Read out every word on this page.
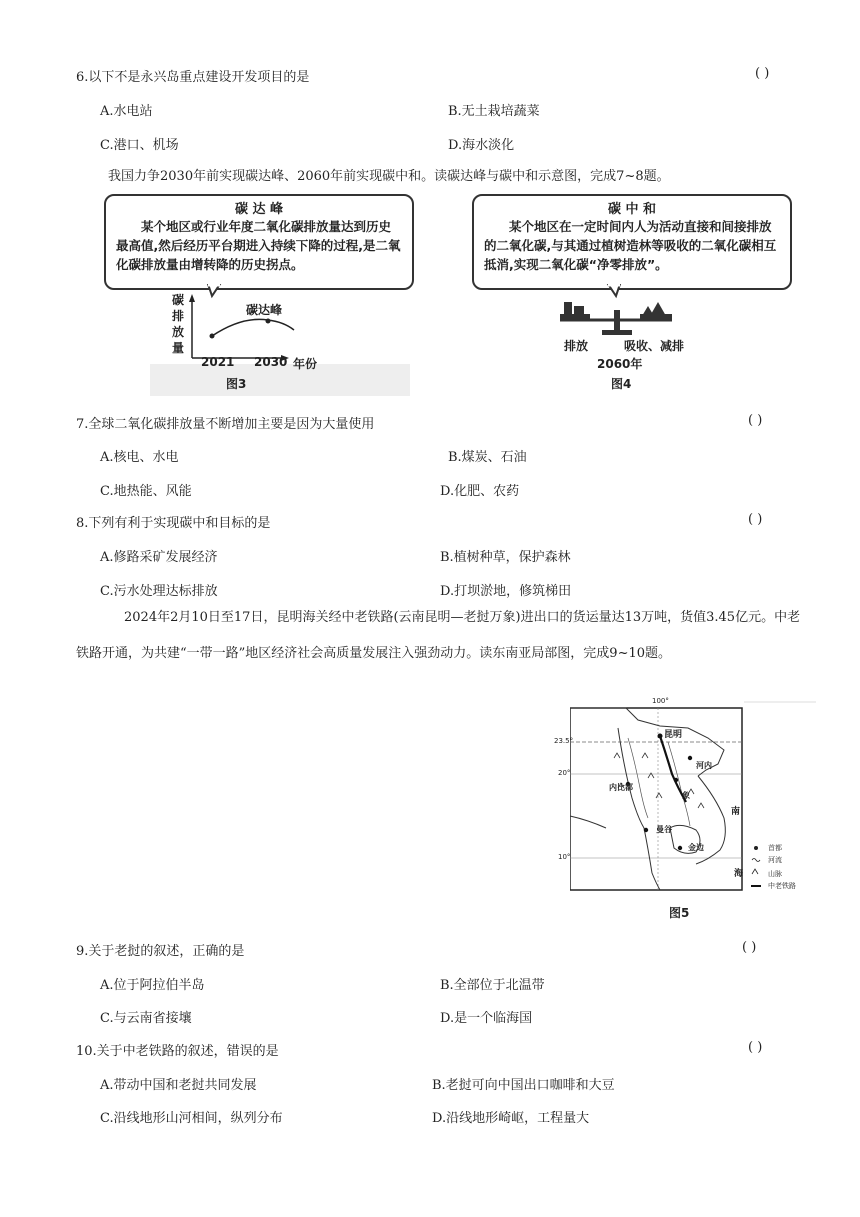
6.以下不是永兴岛重点建设开发项目的是	( )
A.水电站	B.无土栽培蔬菜
C.港口、机场	D.海水淡化
我国力争2030年前实现碳达峰、2060年前实现碳中和。读碳达峰与碳中和示意图，完成7~8题。
碳 达 峰
某个地区或行业年度二氧化碳排放量达到历史最高值,然后经历平台期进入持续下降的过程,是二氧化碳排放量由增转降的历史拐点。
碳排放量
碳达峰
2021 2030 年份
图3
碳 中 和
某个地区在一定时间内人为活动直接和间接排放的二氧化碳,与其通过植树造林等吸收的二氧化碳相互抵消,实现二氧化碳“净零排放”。
排放	吸收、减排
2060年
图4
7.全球二氧化碳排放量不断增加主要是因为大量使用	( )
A.核电、水电	B.煤炭、石油
C.地热能、风能	D.化肥、农药
8.下列有利于实现碳中和目标的是	( )
A.修路采矿发展经济	B.植树种草，保护森林
C.污水处理达标排放	D.打坝淤地，修筑梯田
2024年2月10日至17日，昆明海关经中老铁路(云南昆明—老挝万象)进出口的货运量达13万吨，货值3.45亿元。中老铁路开通，为共建“一带一路”地区经济社会高质量发展注入强劲动力。读东南亚局部图，完成9~10题。
100°
23.5°
20°
10°
昆明
河内
内比都
象
曼谷
金边
南
海
首都
河流
山脉
中老铁路
图5
9.关于老挝的叙述，正确的是	( )
A.位于阿拉伯半岛	B.全部位于北温带
C.与云南省接壤	D.是一个临海国
10.关于中老铁路的叙述，错误的是	( )
A.带动中国和老挝共同发展	B.老挝可向中国出口咖啡和大豆
C.沿线地形山河相间，纵列分布	D.沿线地形崎岖，工程量大
